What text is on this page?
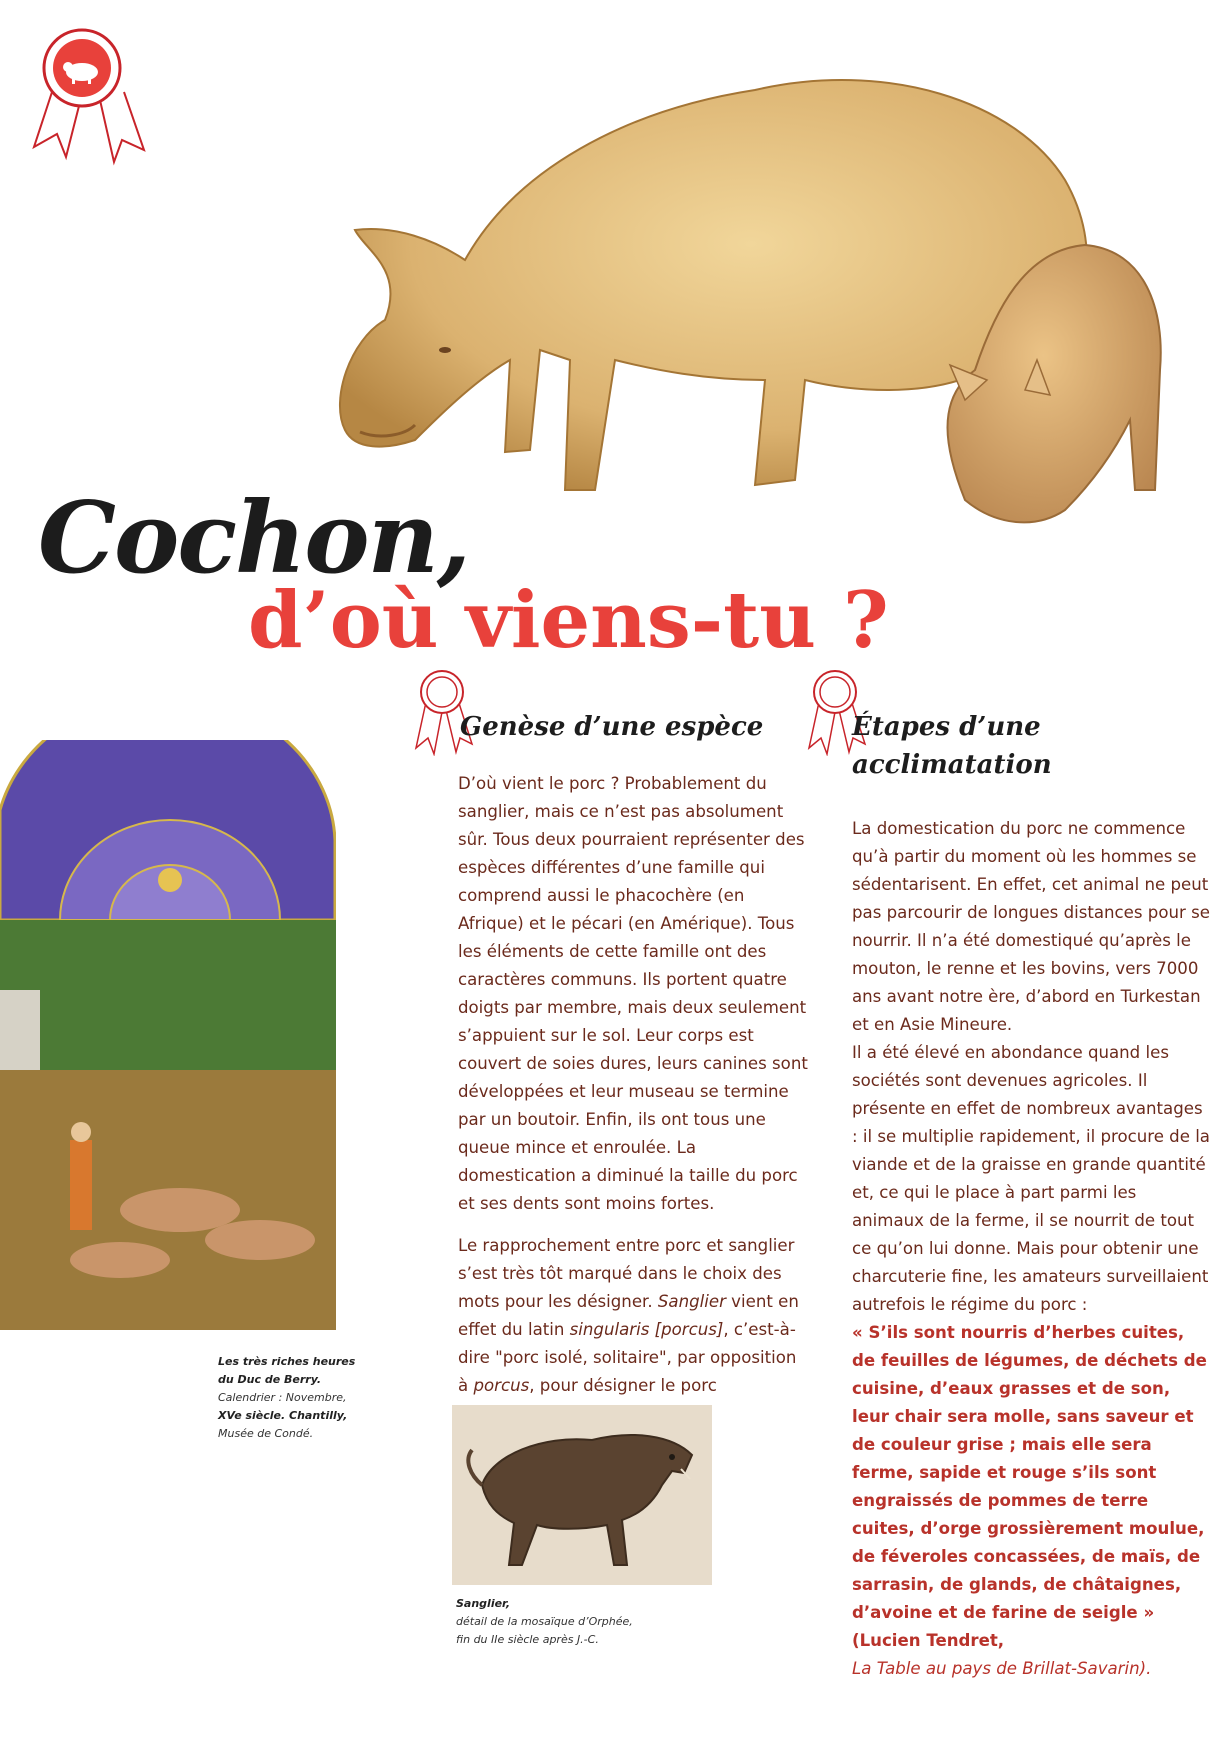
Cochon,
d’où viens-tu ?
Genèse d’une espèce	Étapes d’une acclimatation

D’où vient le porc ? Probablement du sanglier, mais ce n’est pas absolument sûr. Tous deux pourraient représenter des espèces différentes d’une famille qui comprend aussi le phacochère (en Afrique) et le pécari (en Amérique). Tous les éléments de cette famille ont des caractères communs. Ils portent quatre doigts par membre, mais deux seulement s’appuient sur le sol. Leur corps est couvert de soies dures, leurs canines sont développées et leur museau se termine par un boutoir. Enfin, ils ont tous une queue mince et enroulée. La domestication a diminué la taille du porc et ses dents sont moins fortes.

Le rapprochement entre porc et sanglier s’est très tôt marqué dans le choix des mots pour les désigner. Sanglier vient en effet du latin singularis [porcus], c’est-à-dire "porc isolé, solitaire", par opposition à porcus, pour désigner le porc

La domestication du porc ne commence qu’à partir du moment où les hommes se sédentarisent. En effet, cet animal ne peut pas parcourir de longues distances pour se nourrir. Il n’a été domestiqué qu’après le mouton, le renne et les bovins, vers 7000 ans avant notre ère, d’abord en Turkestan et en Asie Mineure.

Il a été élevé en abondance quand les sociétés sont devenues agricoles. Il présente en effet de nombreux avantages : il se multiplie rapidement, il procure de la viande et de la graisse en grande quantité et, ce qui le place à part parmi les animaux de la ferme, il se nourrit de tout ce qu’on lui donne. Mais pour obtenir une charcuterie fine, les amateurs surveillaient autrefois le régime du porc :

« S’ils sont nourris d’herbes cuites, de feuilles de légumes, de déchets de cuisine, d’eaux grasses et de son, leur chair sera molle, sans saveur et de couleur grise ; mais elle sera ferme, sapide et rouge s’ils sont engraissés de pommes de terre cuites, d’orge grossièrement moulue, de féveroles concassées, de maïs, de sarrasin, de glands, de châtaignes, d’avoine et de farine de seigle »

(Lucien Tendret,

La Table au pays de Brillat-Savarin).

Les très riches heures
du Duc de Berry.
Calendrier : Novembre,
XVe siècle. Chantilly,
Musée de Condé.
Sanglier,
détail de la mosaïque d’Orphée,
fin du IIe siècle après J.-C.
